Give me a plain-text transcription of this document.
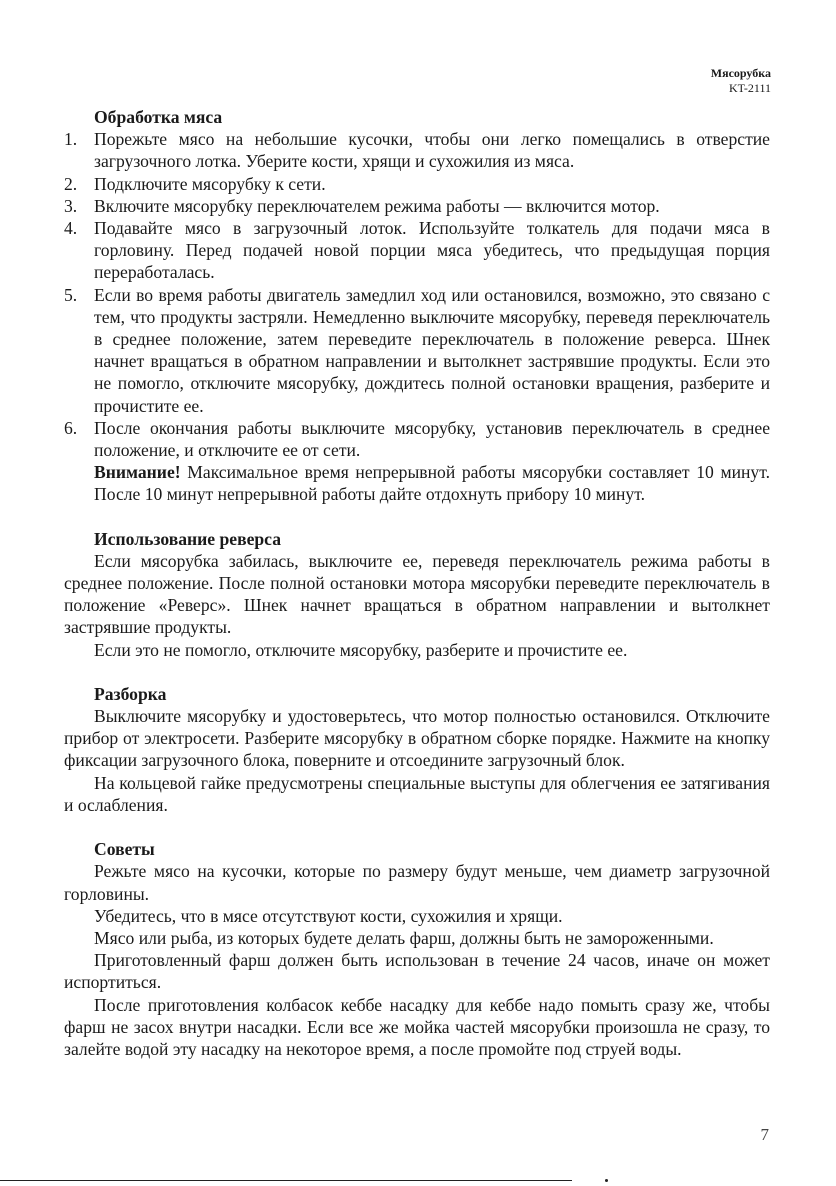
Мясорубка
KT-2111
Обработка мяса
1. Порежьте мясо на небольшие кусочки, чтобы они легко помещались в отверстие загрузочного лотка. Уберите кости, хрящи и сухожилия из мяса.
2. Подключите мясорубку к сети.
3. Включите мясорубку переключателем режима работы — включится мотор.
4. Подавайте мясо в загрузочный лоток. Используйте толкатель для подачи мяса в горловину. Перед подачей новой порции мяса убедитесь, что предыдущая порция переработалась.
5. Если во время работы двигатель замедлил ход или остановился, возможно, это связано с тем, что продукты застряли. Немедленно выключите мясорубку, переведя переключатель в среднее положение, затем переведите переключатель в положение реверса. Шнек начнет вращаться в обратном направлении и вытолкнет застрявшие продукты. Если это не помогло, отключите мясорубку, дождитесь полной остановки вращения, разберите и прочистите ее.
6. После окончания работы выключите мясорубку, установив переключатель в среднее положение, и отключите ее от сети.
Внимание! Максимальное время непрерывной работы мясорубки составляет 10 минут. После 10 минут непрерывной работы дайте отдохнуть прибору 10 минут.
Использование реверса

Если мясорубка забилась, выключите ее, переведя переключатель режима работы в среднее положение. После полной остановки мотора мясорубки переведите переключатель в положение «Реверс». Шнек начнет вращаться в обратном направлении и вытолкнет застрявшие продукты.

Если это не помогло, отключите мясорубку, разберите и прочистите ее.

Разборка

Выключите мясорубку и удостоверьтесь, что мотор полностью остановился. Отключите прибор от электросети. Разберите мясорубку в обратном сборке порядке. Нажмите на кнопку фиксации загрузочного блока, поверните и отсоедините загрузочный блок.

На кольцевой гайке предусмотрены специальные выступы для облегчения ее затягивания и ослабления.

Советы

Режьте мясо на кусочки, которые по размеру будут меньше, чем диаметр загрузочной горловины.

Убедитесь, что в мясе отсутствуют кости, сухожилия и хрящи.

Мясо или рыба, из которых будете делать фарш, должны быть не замороженными.

Приготовленный фарш должен быть использован в течение 24 часов, иначе он может испортиться.

После приготовления колбасок кеббе насадку для кеббе надо помыть сразу же, чтобы фарш не засох внутри насадки. Если все же мойка частей мясорубки произошла не сразу, то залейте водой эту насадку на некоторое время, а после промойте под струей воды.

7
